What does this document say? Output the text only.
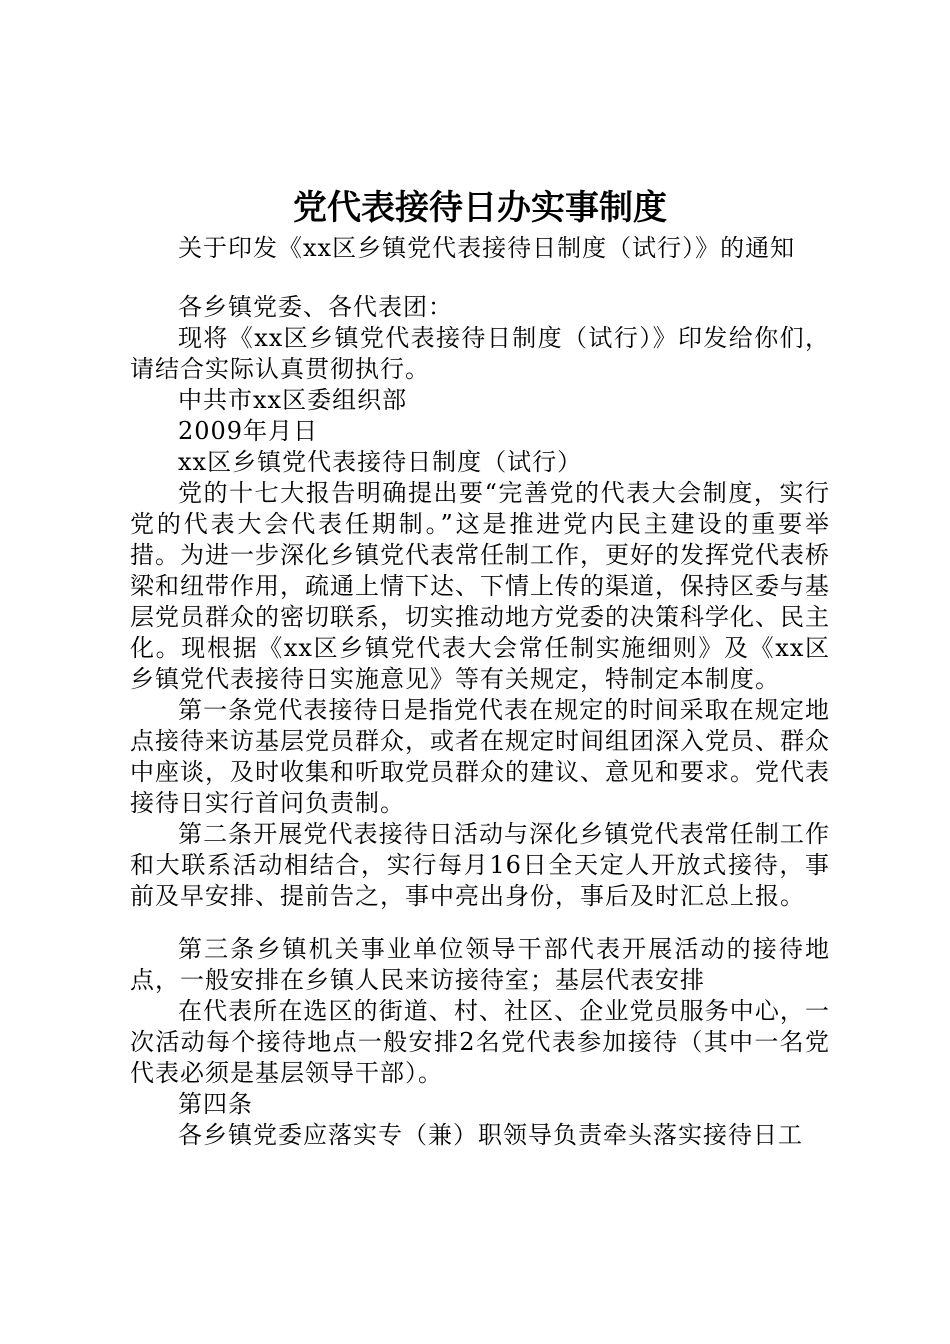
党代表接待日办实事制度

关于印发《xx区乡镇党代表接待日制度（试行）》的通知

各乡镇党委、各代表团：

现将《xx区乡镇党代表接待日制度（试行）》印发给你们，请结合实际认真贯彻执行。

中共市xx区委组织部

2009年月日

xx区乡镇党代表接待日制度（试行）

党的十七大报告明确提出要“完善党的代表大会制度，实行党的代表大会代表任期制。”这是推进党内民主建设的重要举措。为进一步深化乡镇党代表常任制工作，更好的发挥党代表桥梁和纽带作用，疏通上情下达、下情上传的渠道，保持区委与基层党员群众的密切联系，切实推动地方党委的决策科学化、民主化。现根据《xx区乡镇党代表大会常任制实施细则》及《xx区乡镇党代表接待日实施意见》等有关规定，特制定本制度。

第一条党代表接待日是指党代表在规定的时间采取在规定地点接待来访基层党员群众，或者在规定时间组团深入党员、群众中座谈，及时收集和听取党员群众的建议、意见和要求。党代表接待日实行首问负责制。

第二条开展党代表接待日活动与深化乡镇党代表常任制工作和大联系活动相结合，实行每月16日全天定人开放式接待，事前及早安排、提前告之，事中亮出身份，事后及时汇总上报。

第三条乡镇机关事业单位领导干部代表开展活动的接待地点，一般安排在乡镇人民来访接待室；基层代表安排

在代表所在选区的街道、村、社区、企业党员服务中心，一次活动每个接待地点一般安排2名党代表参加接待（其中一名党代表必须是基层领导干部）。

第四条

各乡镇党委应落实专（兼）职领导负责牵头落实接待日工
